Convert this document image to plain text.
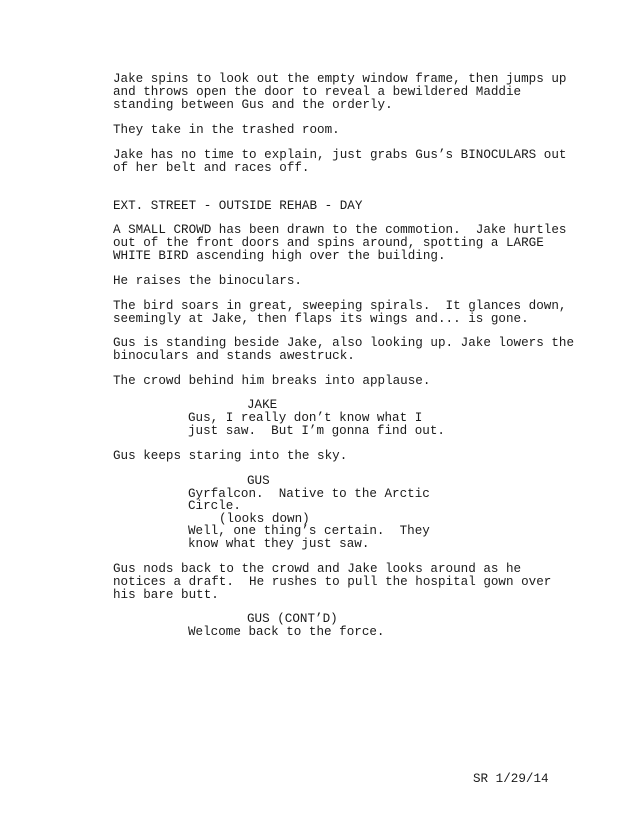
Jake spins to look out the empty window frame, then jumps up
and throws open the door to reveal a bewildered Maddie
standing between Gus and the orderly.
They take in the trashed room.
Jake has no time to explain, just grabs Gus’s BINOCULARS out
of her belt and races off.
EXT. STREET - OUTSIDE REHAB - DAY
A SMALL CROWD has been drawn to the commotion.  Jake hurtles
out of the front doors and spins around, spotting a LARGE
WHITE BIRD ascending high over the building.
He raises the binoculars.
The bird soars in great, sweeping spirals.  It glances down,
seemingly at Jake, then flaps its wings and... is gone.
Gus is standing beside Jake, also looking up. Jake lowers the
binoculars and stands awestruck.
The crowd behind him breaks into applause.
JAKE
Gus, I really don’t know what I
just saw.  But I’m gonna find out.
Gus keeps staring into the sky.
GUS
Gyrfalcon.  Native to the Arctic
Circle.
(looks down)
Well, one thing’s certain.  They
know what they just saw.
Gus nods back to the crowd and Jake looks around as he
notices a draft.  He rushes to pull the hospital gown over
his bare butt.
GUS (CONT’D)
Welcome back to the force.
SR 1/29/14
